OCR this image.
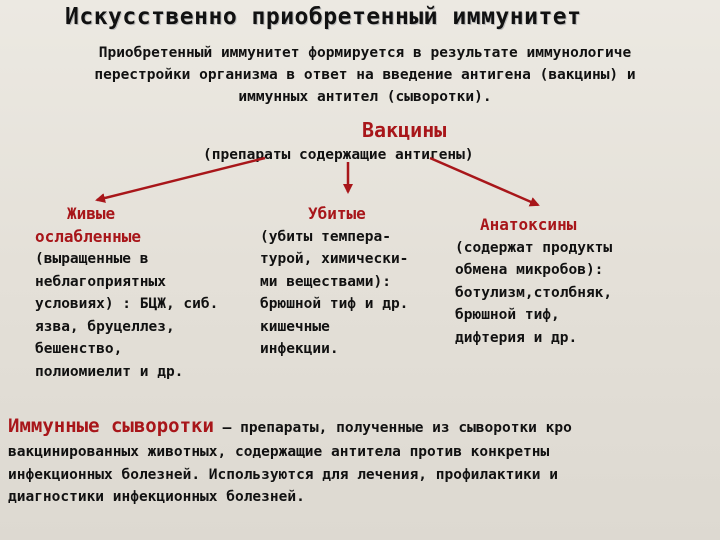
Искусственно приобретенный иммунитет
Приобретенный иммунитет формируется в результате иммунологиче
перестройки организма в ответ на введение антигена (вакцины) и
иммунных антител (сыворотки).
Вакцины
(препараты содержащие антигены)
Живые
ослабленные
(выращенные в
неблагоприятных
условиях) : БЦЖ, сиб.
язва, бруцеллез,
бешенство,
полиомиелит и др.
Убитые
(убиты темпера-
турой, химически-
ми веществами):
брюшной тиф и др.
кишечные
инфекции.
Анатоксины
(содержат продукты
обмена микробов):
ботулизм,столбняк,
брюшной тиф,
дифтерия и др.
Иммунные сыворотки – препараты, полученные из сыворотки кро
вакцинированных животных, содержащие антитела против конкретны
инфекционных болезней. Используются для лечения, профилактики и
диагностики инфекционных болезней.
